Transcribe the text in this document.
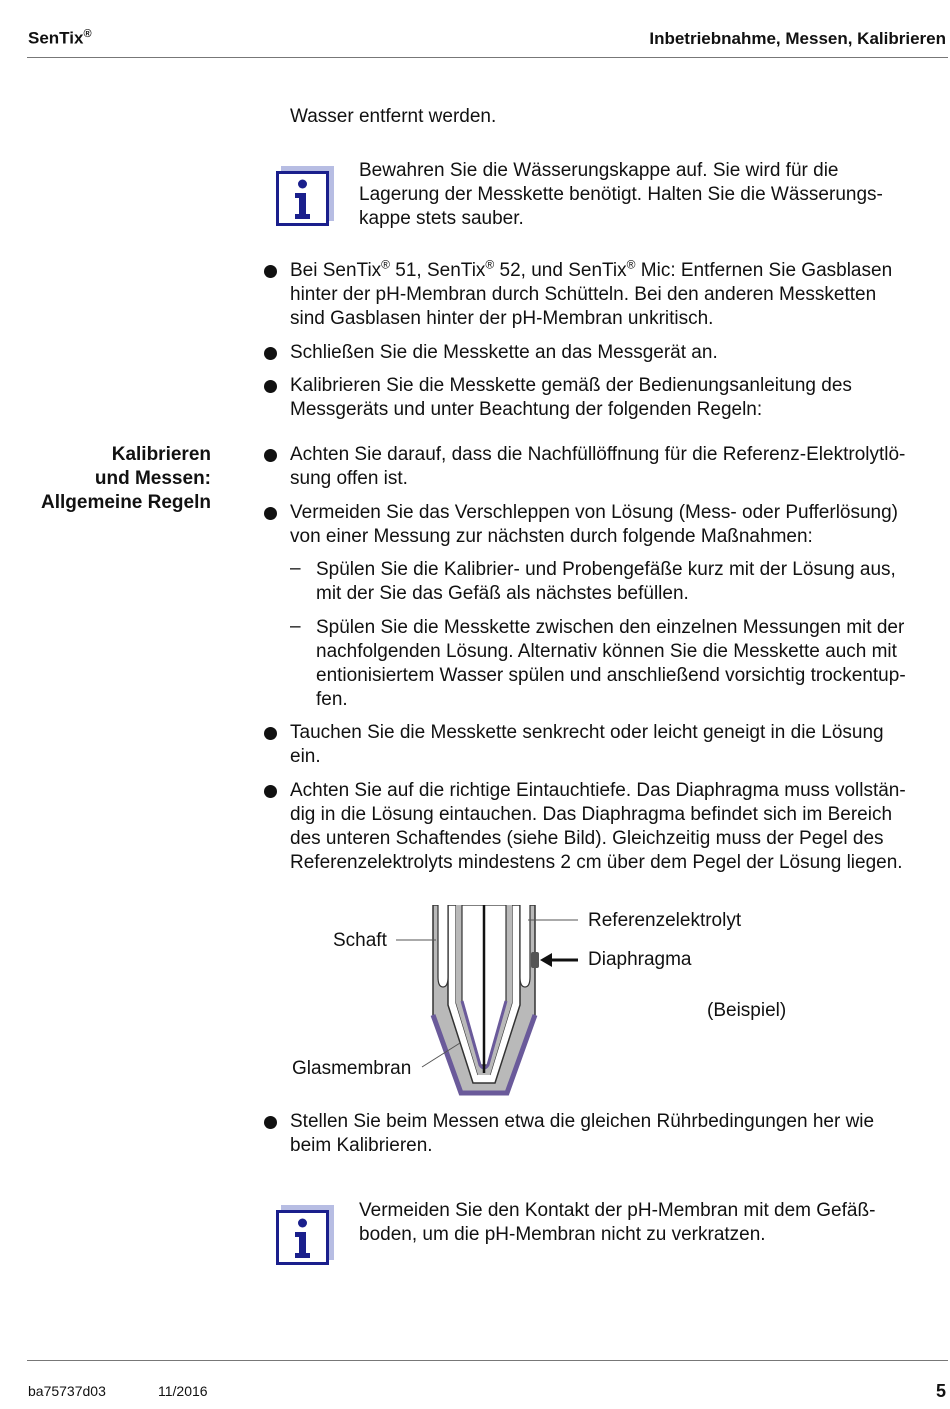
SenTix®	Inbetriebnahme, Messen, Kalibrieren
Wasser entfernt werden.
Bewahren Sie die Wässerungskappe auf. Sie wird für die
Lagerung der Messkette benötigt. Halten Sie die Wässerungs-
kappe stets sauber.
Bei SenTix® 51, SenTix® 52, und SenTix® Mic: Entfernen Sie Gasblasen
hinter der pH-Membran durch Schütteln. Bei den anderen Messketten
sind Gasblasen hinter der pH-Membran unkritisch.
Schließen Sie die Messkette an das Messgerät an.
Kalibrieren Sie die Messkette gemäß der Bedienungsanleitung des
Messgeräts und unter Beachtung der folgenden Regeln:
Kalibrieren
und Messen:
Allgemeine Regeln
Achten Sie darauf, dass die Nachfüllöffnung für die Referenz-Elektrolytlö-
sung offen ist.
Vermeiden Sie das Verschleppen von Lösung (Mess- oder Pufferlösung)
von einer Messung zur nächsten durch folgende Maßnahmen:
– Spülen Sie die Kalibrier- und Probengefäße kurz mit der Lösung aus,
mit der Sie das Gefäß als nächstes befüllen.
– Spülen Sie die Messkette zwischen den einzelnen Messungen mit der
nachfolgenden Lösung. Alternativ können Sie die Messkette auch mit
entionisiertem Wasser spülen und anschließend vorsichtig trockentup-
fen.
Tauchen Sie die Messkette senkrecht oder leicht geneigt in die Lösung
ein.
Achten Sie auf die richtige Eintauchtiefe. Das Diaphragma muss vollstän-
dig in die Lösung eintauchen. Das Diaphragma befindet sich im Bereich
des unteren Schaftendes (siehe Bild). Gleichzeitig muss der Pegel des
Referenzelektrolyts mindestens 2 cm über dem Pegel der Lösung liegen.
Schaft
Referenzelektrolyt
Diaphragma
(Beispiel)
Glasmembran
Stellen Sie beim Messen etwa die gleichen Rührbedingungen her wie
beim Kalibrieren.
Vermeiden Sie den Kontakt der pH-Membran mit dem Gefäß-
boden, um die pH-Membran nicht zu verkratzen.
ba75737d03	11/2016	5
